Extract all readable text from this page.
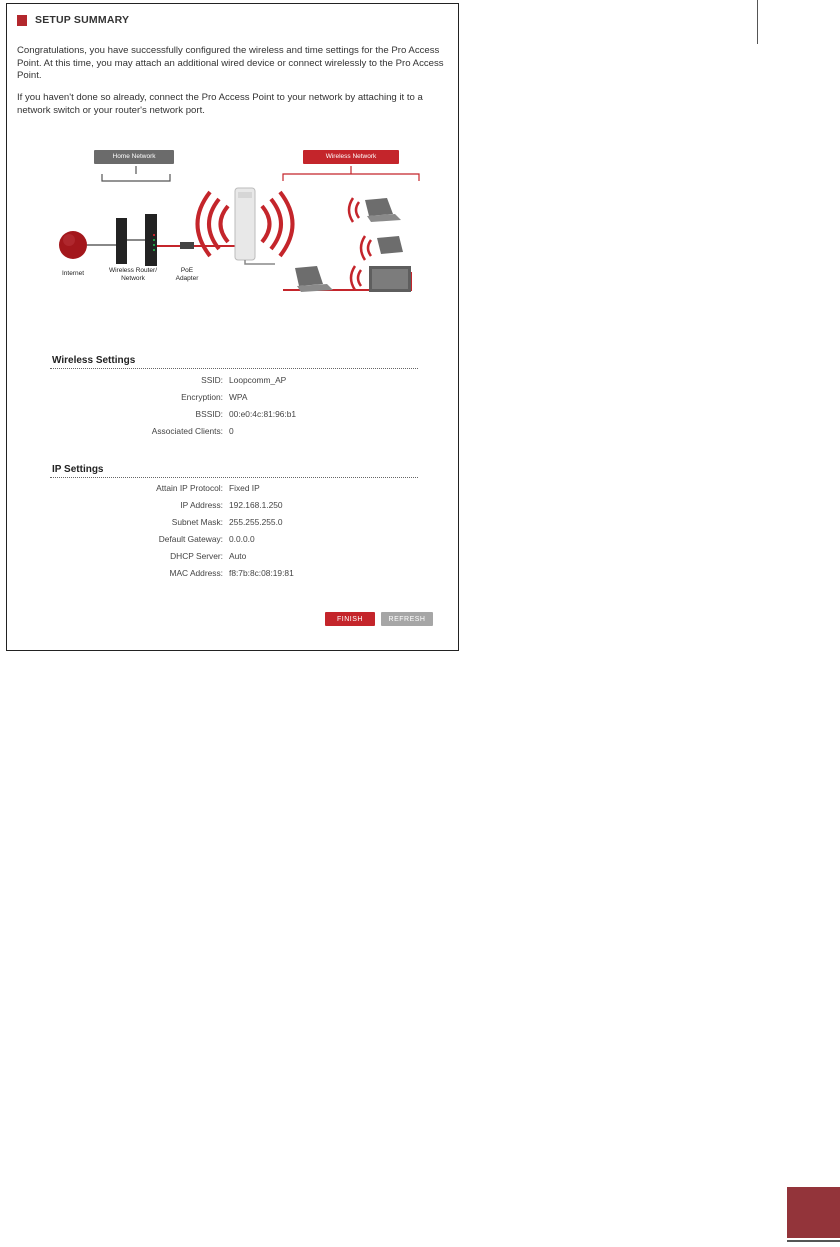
SETUP SUMMARY
Congratulations, you have successfully configured the wireless and time settings for the Pro Access Point. At this time, you may attach an additional wired device or connect wirelessly to the Pro Access Point.
If you haven't done so already, connect the Pro Access Point to your network by attaching it to a network switch or your router's network port.
Home Network	Wireless Network
Internet	Wireless Router/
Network
PoE
Adapter
Wireless Settings
SSID: Loopcomm_AP
Encryption: WPA
BSSID: 00:e0:4c:81:96:b1
Associated Clients: 0
IP Settings
Attain IP Protocol: Fixed IP
IP Address: 192.168.1.250
Subnet Mask: 255.255.255.0
Default Gateway: 0.0.0.0
DHCP Server: Auto
MAC Address: f8:7b:8c:08:19:81
FINISH	REFRESH
